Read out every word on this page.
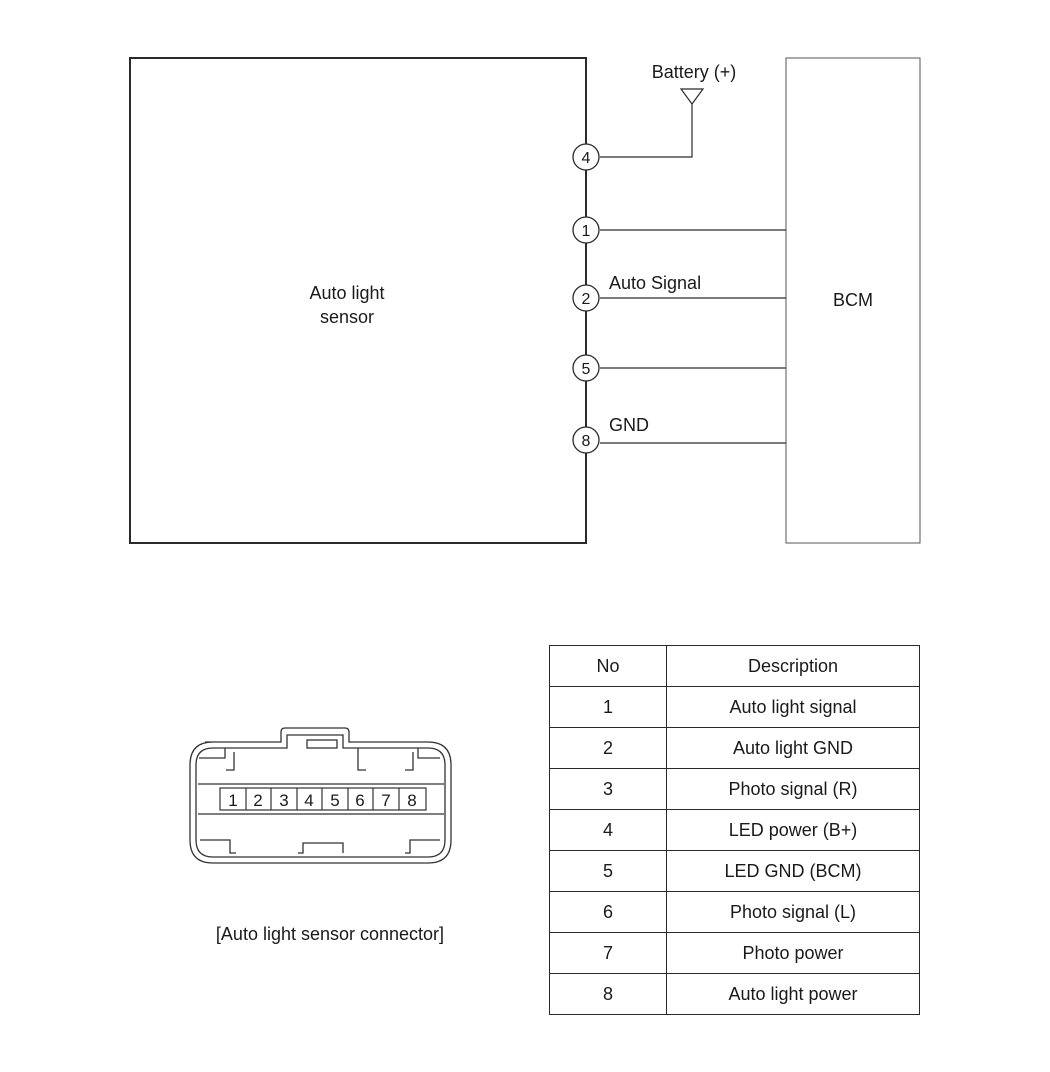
Auto light
sensor
BCM
Battery (+)
Auto Signal
GND
4
1
2
5
8
1 2 3 4 5 6 7 8
[Auto light sensor connector]
No	Description
1	Auto light signal
2	Auto light GND
3	Photo signal (R)
4	LED power (B+)
5	LED GND (BCM)
6	Photo signal (L)
7	Photo power
8	Auto light power
